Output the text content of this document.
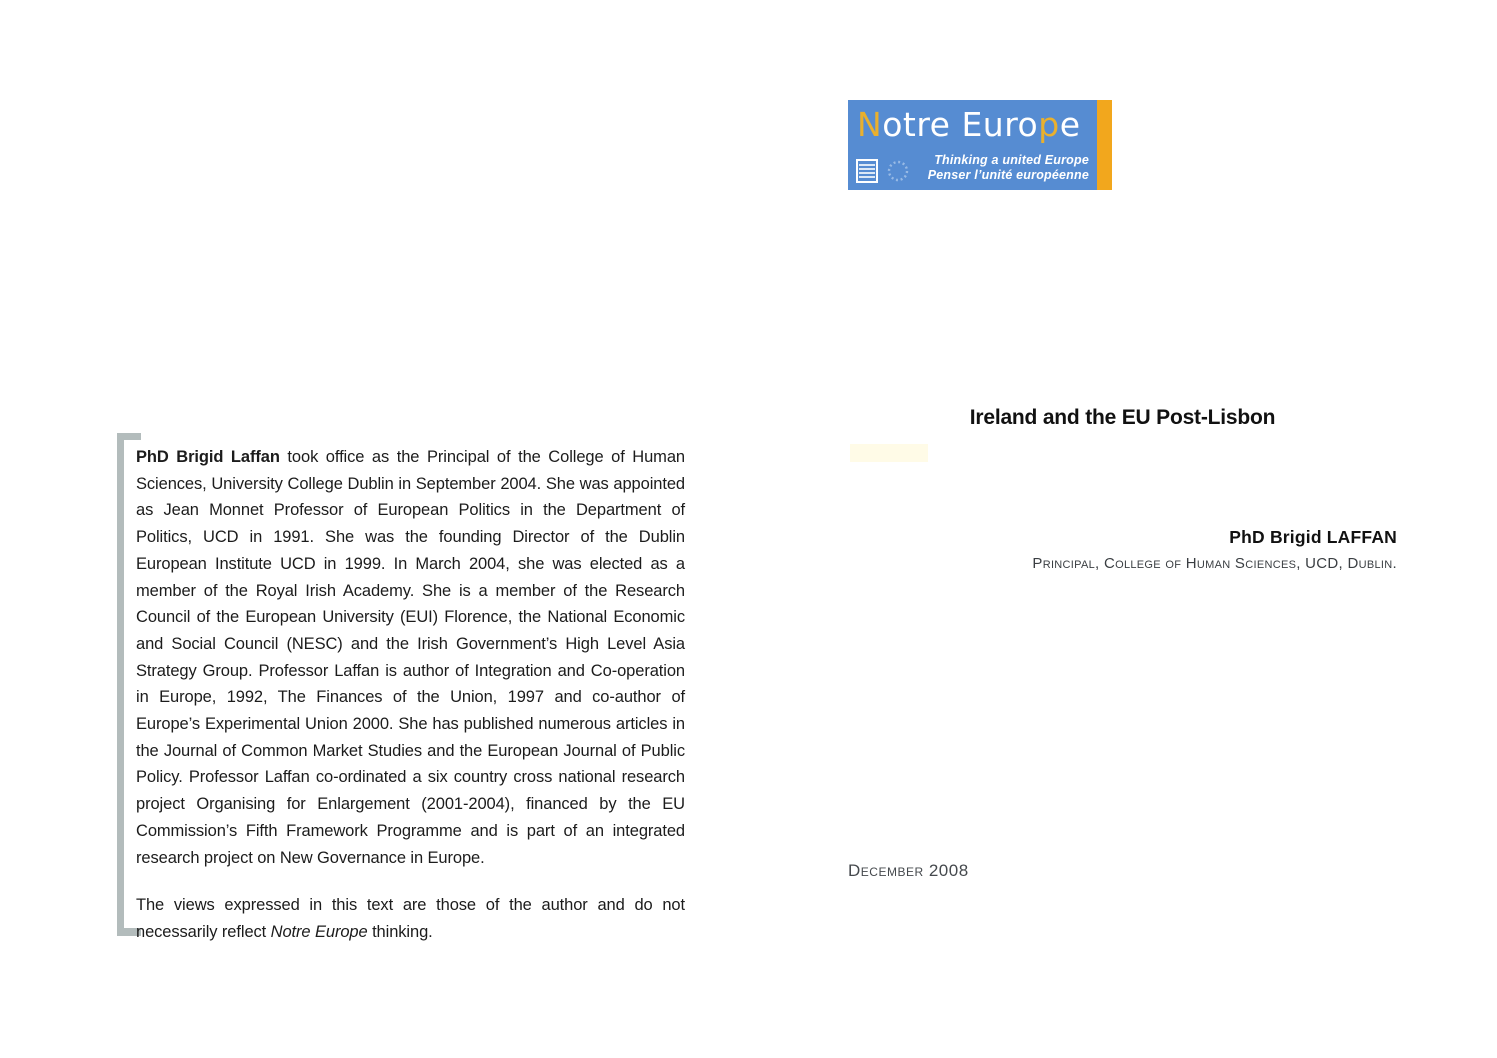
PhD Brigid Laffan took office as the Principal of the College of Human Sciences, University College Dublin in September 2004. She was appointed as Jean Monnet Professor of European Politics in the Department of Politics, UCD in 1991. She was the founding Director of the Dublin European Institute UCD in 1999. In March 2004, she was elected as a member of the Royal Irish Academy. She is a member of the Research Council of the European University (EUI) Florence, the National Economic and Social Council (NESC) and the Irish Government’s High Level Asia Strategy Group. Professor Laffan is author of Integration and Co-operation in Europe, 1992, The Finances of the Union, 1997 and co-author of Europe’s Experimental Union 2000. She has published numerous articles in the Journal of Common Market Studies and the European Journal of Public Policy. Professor Laffan co-ordinated a six country cross national research project Organising for Enlargement (2001-2004), financed by the EU Commission’s Fifth Framework Programme and is part of an integrated research project on New Governance in Europe.

The views expressed in this text are those of the author and do not necessarily reflect Notre Europe thinking.

Notre Europe
Thinking a united Europe
Penser l’unité européenne
Ireland and the EU Post-Lisbon
PhD Brigid LAFFAN
Principal, College of Human Sciences, UCD, Dublin.
December 2008
